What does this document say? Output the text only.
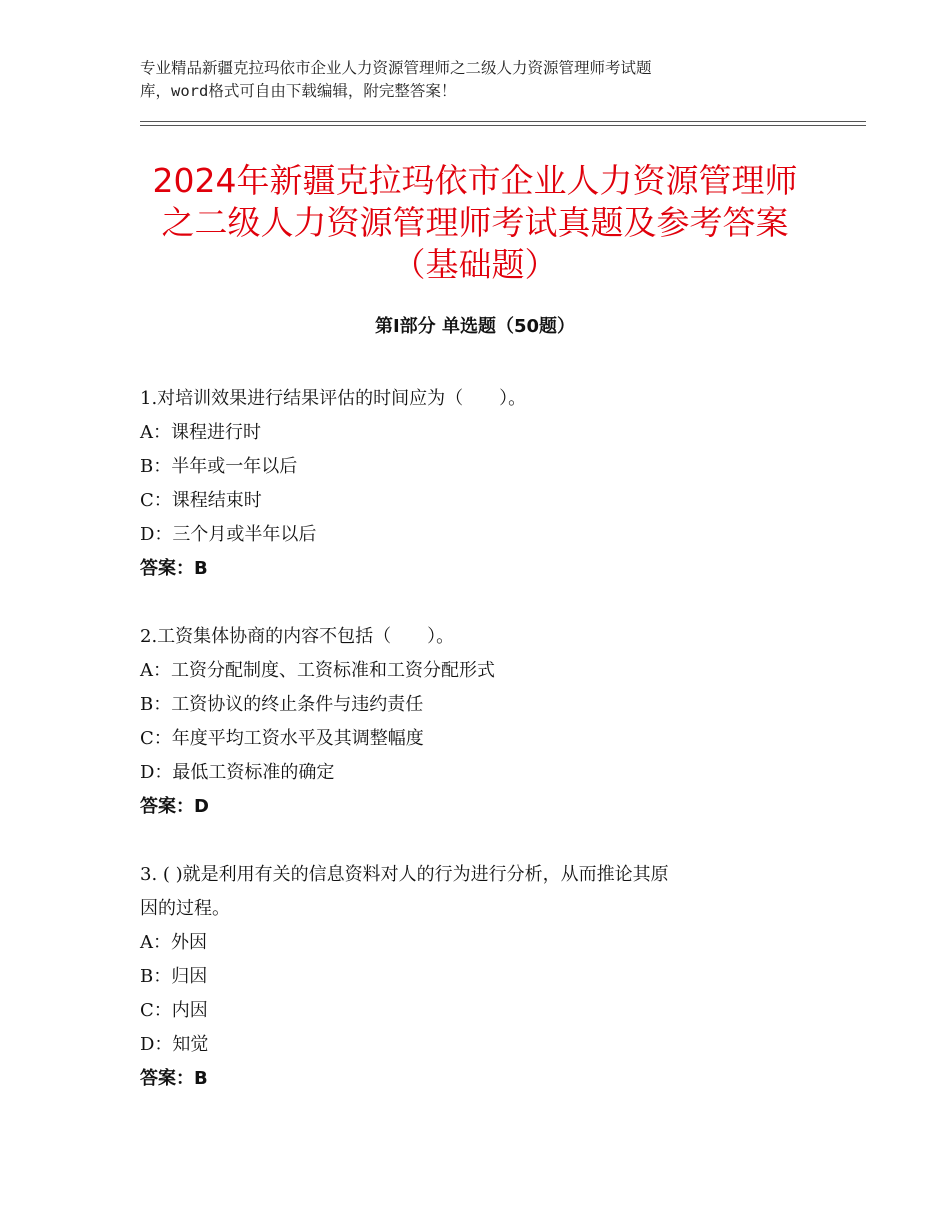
专业精品新疆克拉玛依市企业人力资源管理师之二级人力资源管理师考试题
库，word格式可自由下载编辑，附完整答案！
2024年新疆克拉玛依市企业人力资源管理师
之二级人力资源管理师考试真题及参考答案
（基础题）
第Ⅰ部分 单选题（50题）
1.对培训效果进行结果评估的时间应为（　　）。
A：课程进行时
B：半年或一年以后
C：课程结束时
D：三个月或半年以后
答案：B
2.工资集体协商的内容不包括（　　）。
A：工资分配制度、工资标准和工资分配形式
B：工资协议的终止条件与违约责任
C：年度平均工资水平及其调整幅度
D：最低工资标准的确定
答案：D
3. ( )就是利用有关的信息资料对人的行为进行分析，从而推论其原
因的过程。
A：外因
B：归因
C：内因
D：知觉
答案：B
